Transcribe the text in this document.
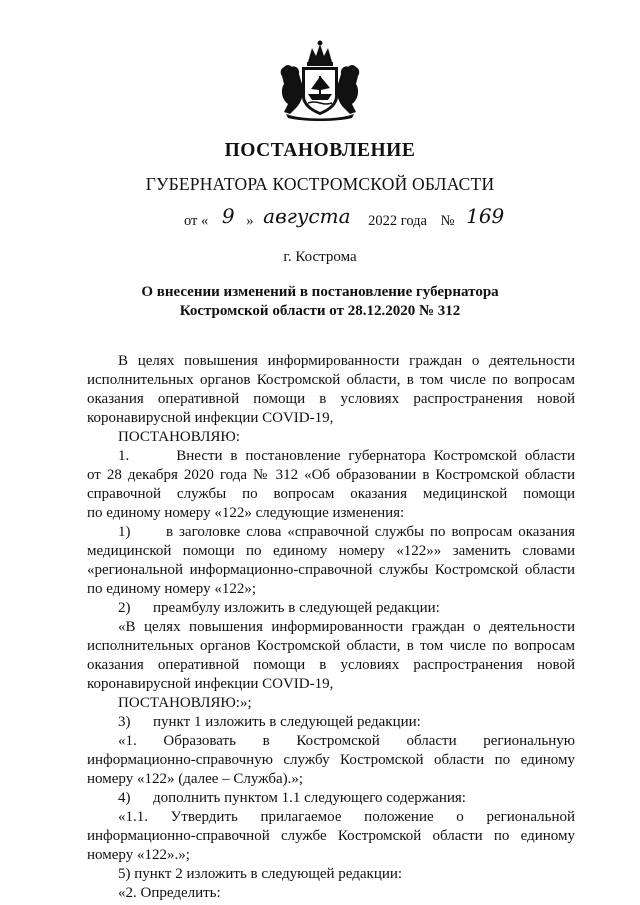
ПОСТАНОВЛЕНИЕ
ГУБЕРНАТОРА КОСТРОМСКОЙ ОБЛАСТИ
от « 9 » августа 2022 года № 169
г. Кострома
О внесении изменений в постановление губернатора
Костромской области от 28.12.2020 № 312
В целях повышения информированности граждан о деятельности
исполнительных органов Костромской области, в том числе по вопросам
оказания оперативной помощи в условиях распространения новой
коронавирусной инфекции COVID-19,
ПОСТАНОВЛЯЮ:
1.      Внести в постановление губернатора Костромской области
от 28 декабря 2020 года № 312 «Об образовании в Костромской области
справочной службы по вопросам оказания медицинской помощи
по единому номеру «122» следующие изменения:
1)      в заголовке слова «справочной службы по вопросам оказания
медицинской помощи по единому номеру «122»» заменить словами
«региональной информационно-справочной службы Костромской области
по единому номеру «122»;
2)      преамбулу изложить в следующей редакции:
«В целях повышения информированности граждан о деятельности
исполнительных органов Костромской области, в том числе по вопросам
оказания оперативной помощи в условиях распространения новой
коронавирусной инфекции COVID-19,
ПОСТАНОВЛЯЮ:»;
3)      пункт 1 изложить в следующей редакции:
«1. Образовать в Костромской области региональную
информационно-справочную службу Костромской области по единому
номеру «122» (далее – Служба).»;
4)      дополнить пунктом 1.1 следующего содержания:
«1.1. Утвердить прилагаемое положение о региональной
информационно-справочной службе Костромской области по единому
номеру «122».»;
5) пункт 2 изложить в следующей редакции:
«2. Определить:
